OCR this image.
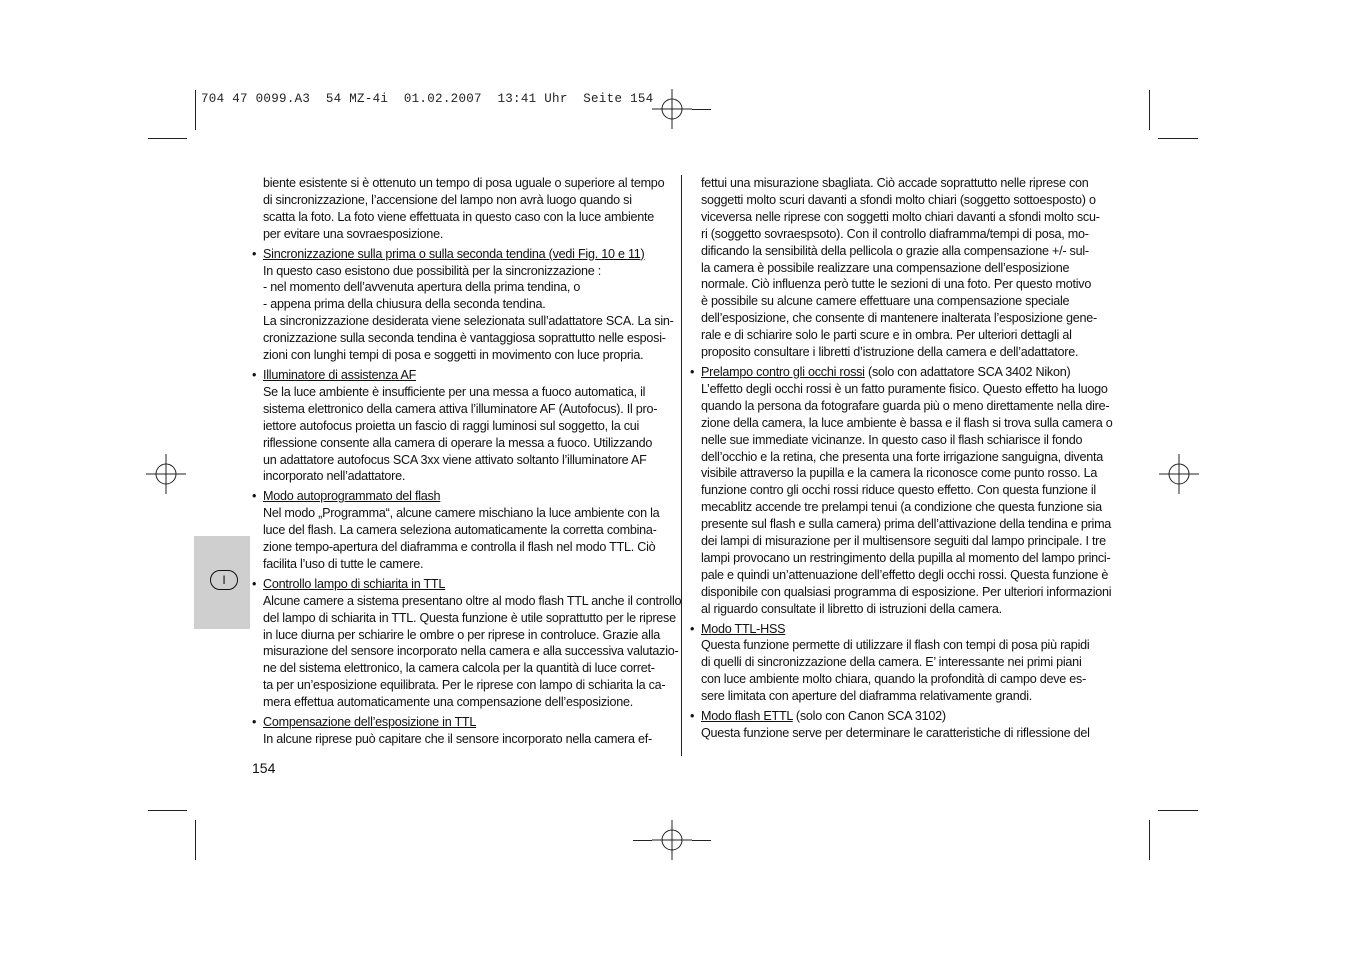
704 47 0099.A3  54 MZ-4i  01.02.2007  13:41 Uhr  Seite 154
I
biente esistente si è ottenuto un tempo di posa uguale o superiore al tempo
di sincronizzazione, l’accensione del lampo non avrà luogo quando si
scatta la foto. La foto viene effettuata in questo caso con la luce ambiente
per evitare una sovraesposizione.
• Sincronizzazione sulla prima o sulla seconda tendina (vedi Fig. 10 e 11)
In questo caso esistono due possibilità per la sincronizzazione :
- nel momento dell’avvenuta apertura della prima tendina, o
- appena prima della chiusura della seconda tendina.
La sincronizzazione desiderata viene selezionata sull’adattatore SCA. La sin-
cronizzazione sulla seconda tendina è vantaggiosa soprattutto nelle esposi-
zioni con lunghi tempi di posa e soggetti in movimento con luce propria.
• Illuminatore di assistenza AF
Se la luce ambiente è insufficiente per una messa a fuoco automatica, il
sistema elettronico della camera attiva l’illuminatore AF (Autofocus). Il pro-
iettore autofocus proietta un fascio di raggi luminosi sul soggetto, la cui
riflessione consente alla camera di operare la messa a fuoco. Utilizzando
un adattatore autofocus SCA 3xx viene attivato soltanto l’illuminatore AF
incorporato nell’adattatore.
• Modo autoprogrammato del flash
Nel modo „Programma“, alcune camere mischiano la luce ambiente con la
luce del flash. La camera seleziona automaticamente la corretta combina-
zione tempo-apertura del diaframma e controlla il flash nel modo TTL. Ciò
facilita l’uso di tutte le camere.
• Controllo lampo di schiarita in TTL
Alcune camere a sistema presentano oltre al modo flash TTL anche il controllo
del lampo di schiarita in TTL. Questa funzione è utile soprattutto per le riprese
in luce diurna per schiarire le ombre o per riprese in controluce. Grazie alla
misurazione del sensore incorporato nella camera e alla successiva valutazio-
ne del sistema elettronico, la camera calcola per la quantità di luce corret-
ta per un’esposizione equilibrata. Per le riprese con lampo di schiarita la ca-
mera effettua automaticamente una compensazione dell’esposizione.
• Compensazione dell’esposizione in TTL
In alcune riprese può capitare che il sensore incorporato nella camera ef-
fettui una misurazione sbagliata. Ciò accade soprattutto nelle riprese con
soggetti molto scuri davanti a sfondi molto chiari (soggetto sottoesposto) o
viceversa nelle riprese con soggetti molto chiari davanti a sfondi molto scu-
ri (soggetto sovraespsoto). Con il controllo diaframma/tempi di posa, mo-
dificando la sensibilità della pellicola o grazie alla compensazione +/- sul-
la camera è possibile realizzare una compensazione dell’esposizione
normale. Ciò influenza però tutte le sezioni di una foto. Per questo motivo
è possibile su alcune camere effettuare una compensazione speciale
dell’esposizione, che consente di mantenere inalterata l’esposizione gene-
rale e di schiarire solo le parti scure e in ombra. Per ulteriori dettagli al
proposito consultare i libretti d’istruzione della camera e dell’adattatore.
• Prelampo contro gli occhi rossi (solo con adattatore SCA 3402 Nikon)
L’effetto degli occhi rossi è un fatto puramente fisico. Questo effetto ha luogo
quando la persona da fotografare guarda più o meno direttamente nella dire-
zione della camera, la luce ambiente è bassa e il flash si trova sulla camera o
nelle sue immediate vicinanze. In questo caso il flash schiarisce il fondo
dell’occhio e la retina, che presenta una forte irrigazione sanguigna, diventa
visibile attraverso la pupilla e la camera la riconosce come punto rosso. La
funzione contro gli occhi rossi riduce questo effetto. Con questa funzione il
mecablitz accende tre prelampi tenui (a condizione che questa funzione sia
presente sul flash e sulla camera) prima dell’attivazione della tendina e prima
dei lampi di misurazione per il multisensore seguiti dal lampo principale. I tre
lampi provocano un restringimento della pupilla al momento del lampo princi-
pale e quindi un’attenuazione dell’effetto degli occhi rossi. Questa funzione è
disponibile con qualsiasi programma di esposizione. Per ulteriori informazioni
al riguardo consultate il libretto di istruzioni della camera.
• Modo TTL-HSS
Questa funzione permette di utilizzare il flash con tempi di posa più rapidi
di quelli di sincronizzazione della camera. E’ interessante nei primi piani
con luce ambiente molto chiara, quando la profondità di campo deve es-
sere limitata con aperture del diaframma relativamente grandi.
• Modo flash ETTL (solo con Canon SCA 3102)
Questa funzione serve per determinare le caratteristiche di riflessione del
154
